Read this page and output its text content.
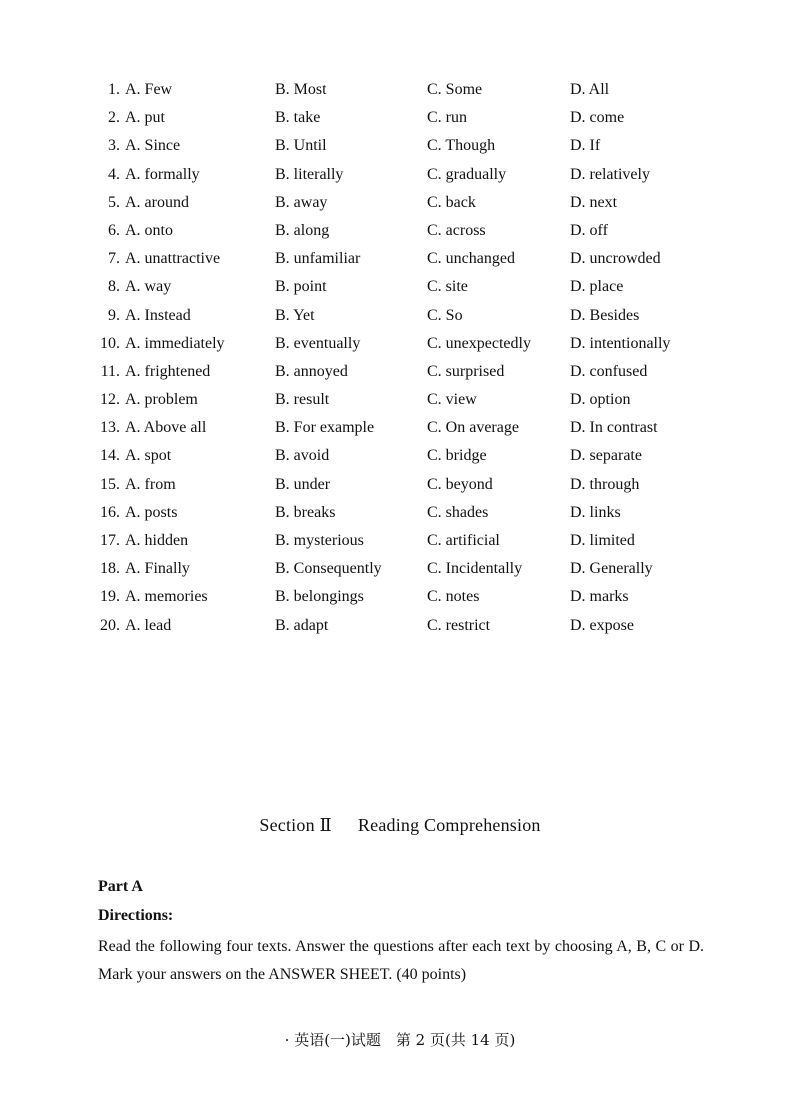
1. A. Few	B. Most	C. Some	D. All
2. A. put	B. take	C. run	D. come
3. A. Since	B. Until	C. Though	D. If
4. A. formally	B. literally	C. gradually	D. relatively
5. A. around	B. away	C. back	D. next
6. A. onto	B. along	C. across	D. off
7. A. unattractive	B. unfamiliar	C. unchanged	D. uncrowded
8. A. way	B. point	C. site	D. place
9. A. Instead	B. Yet	C. So	D. Besides
10. A. immediately	B. eventually	C. unexpectedly D. intentionally
11. A. frightened	B. annoyed	C. surprised	D. confused
12. A. problem	B. result	C. view	D. option
13. A. Above all	B. For example	C. On average	D. In contrast
14. A. spot	B. avoid	C. bridge	D. separate
15. A. from	B. under	C. beyond	D. through
16. A. posts	B. breaks	C. shades	D. links
17. A. hidden	B. mysterious	C. artificial	D. limited
18. A. Finally	B. Consequently	C. Incidentally	D. Generally
19. A. memories	B. belongings	C. notes	D. marks
20. A. lead	B. adapt	C. restrict	D. expose
Section Ⅱ Reading Comprehension
Part A
Directions:
Read the following four texts. Answer the questions after each text by choosing A, B, C or D. Mark your answers on the ANSWER SHEET. (40 points)
· 英语(一)试题　第 2 页(共 14 页)
